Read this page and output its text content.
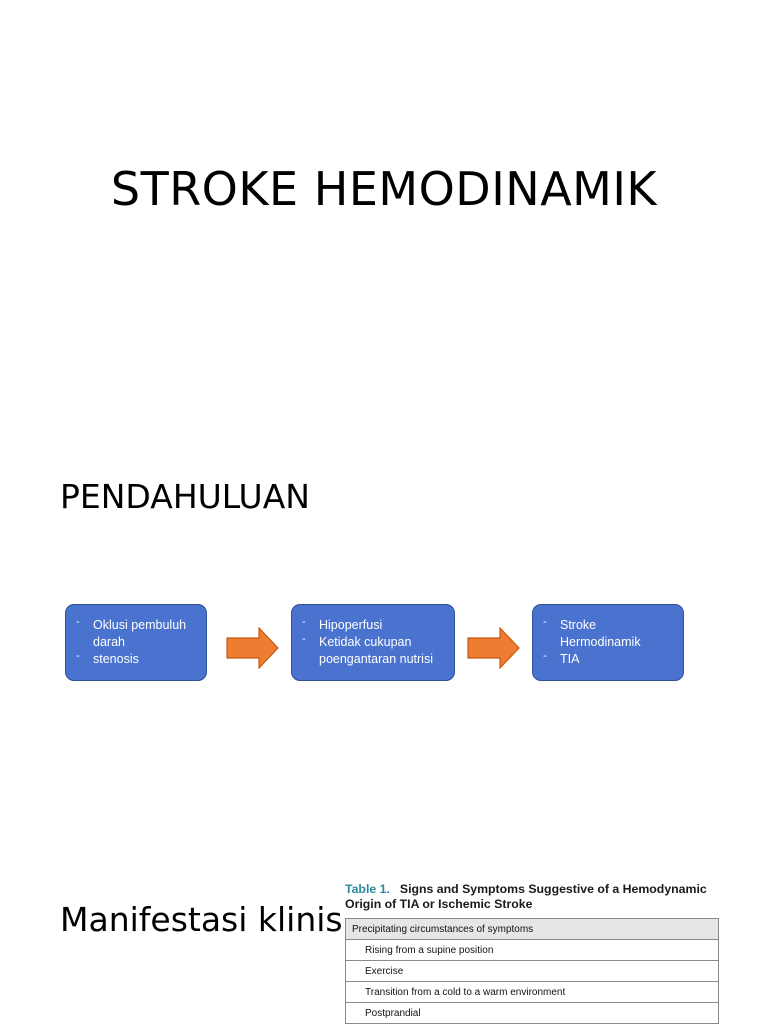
STROKE HEMODINAMIK
PENDAHULUAN
- Oklusi pembuluh darah
- stenosis
- Hipoperfusi
- Ketidak cukupan poengantaran nutrisi
- Stroke Hermodinamik
- TIA
Manifestasi klinis
Table 1. Signs and Symptoms Suggestive of a Hemodynamic Origin of TIA or Ischemic Stroke
Precipitating circumstances of symptoms
Rising from a supine position
Exercise
Transition from a cold to a warm environment
Postprandial
